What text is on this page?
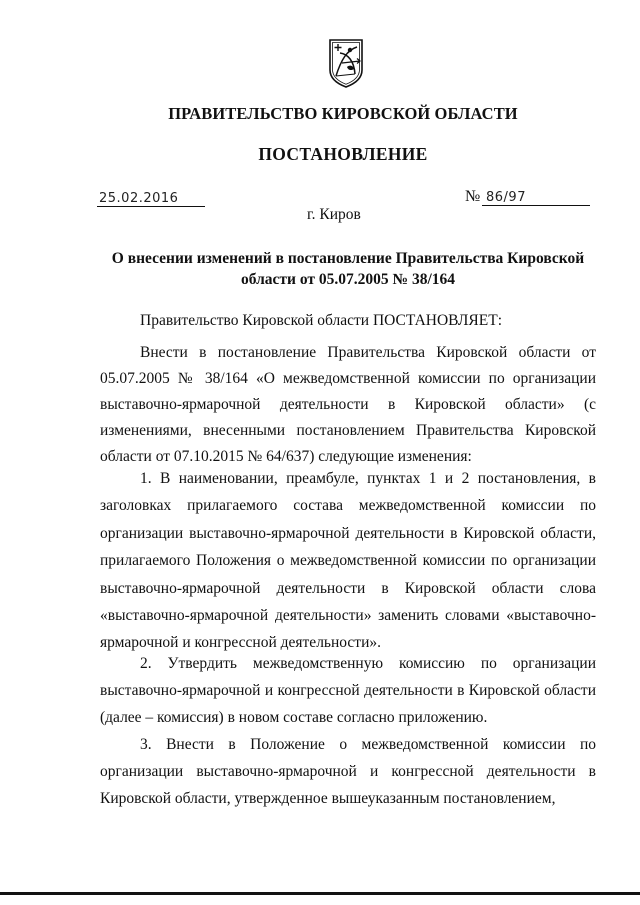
ПРАВИТЕЛЬСТВО КИРОВСКОЙ ОБЛАСТИ
ПОСТАНОВЛЕНИЕ
25.02.2016	№ 86/97
г. Киров
О внесении изменений в постановление Правительства Кировской области от 05.07.2005 № 38/164
Правительство Кировской области ПОСТАНОВЛЯЕТ:
Внести в постановление Правительства Кировской области от 05.07.2005 № 38/164 «О межведомственной комиссии по организации выставочно-ярмарочной деятельности в Кировской области» (с изменениями, внесенными постановлением Правительства Кировской области от 07.10.2015 № 64/637) следующие изменения:
1. В наименовании, преамбуле, пунктах 1 и 2 постановления, в заголовках прилагаемого состава межведомственной комиссии по организации выставочно-ярмарочной деятельности в Кировской области, прилагаемого Положения о межведомственной комиссии по организации выставочно-ярмарочной деятельности в Кировской области слова «выставочно-ярмарочной деятельности» заменить словами «выставочно-ярмарочной и конгрессной деятельности».
2. Утвердить межведомственную комиссию по организации выставочно-ярмарочной и конгрессной деятельности в Кировской области (далее – комиссия) в новом составе согласно приложению.
3. Внести в Положение о межведомственной комиссии по организации выставочно-ярмарочной и конгрессной деятельности в Кировской области, утвержденное вышеуказанным постановлением,
